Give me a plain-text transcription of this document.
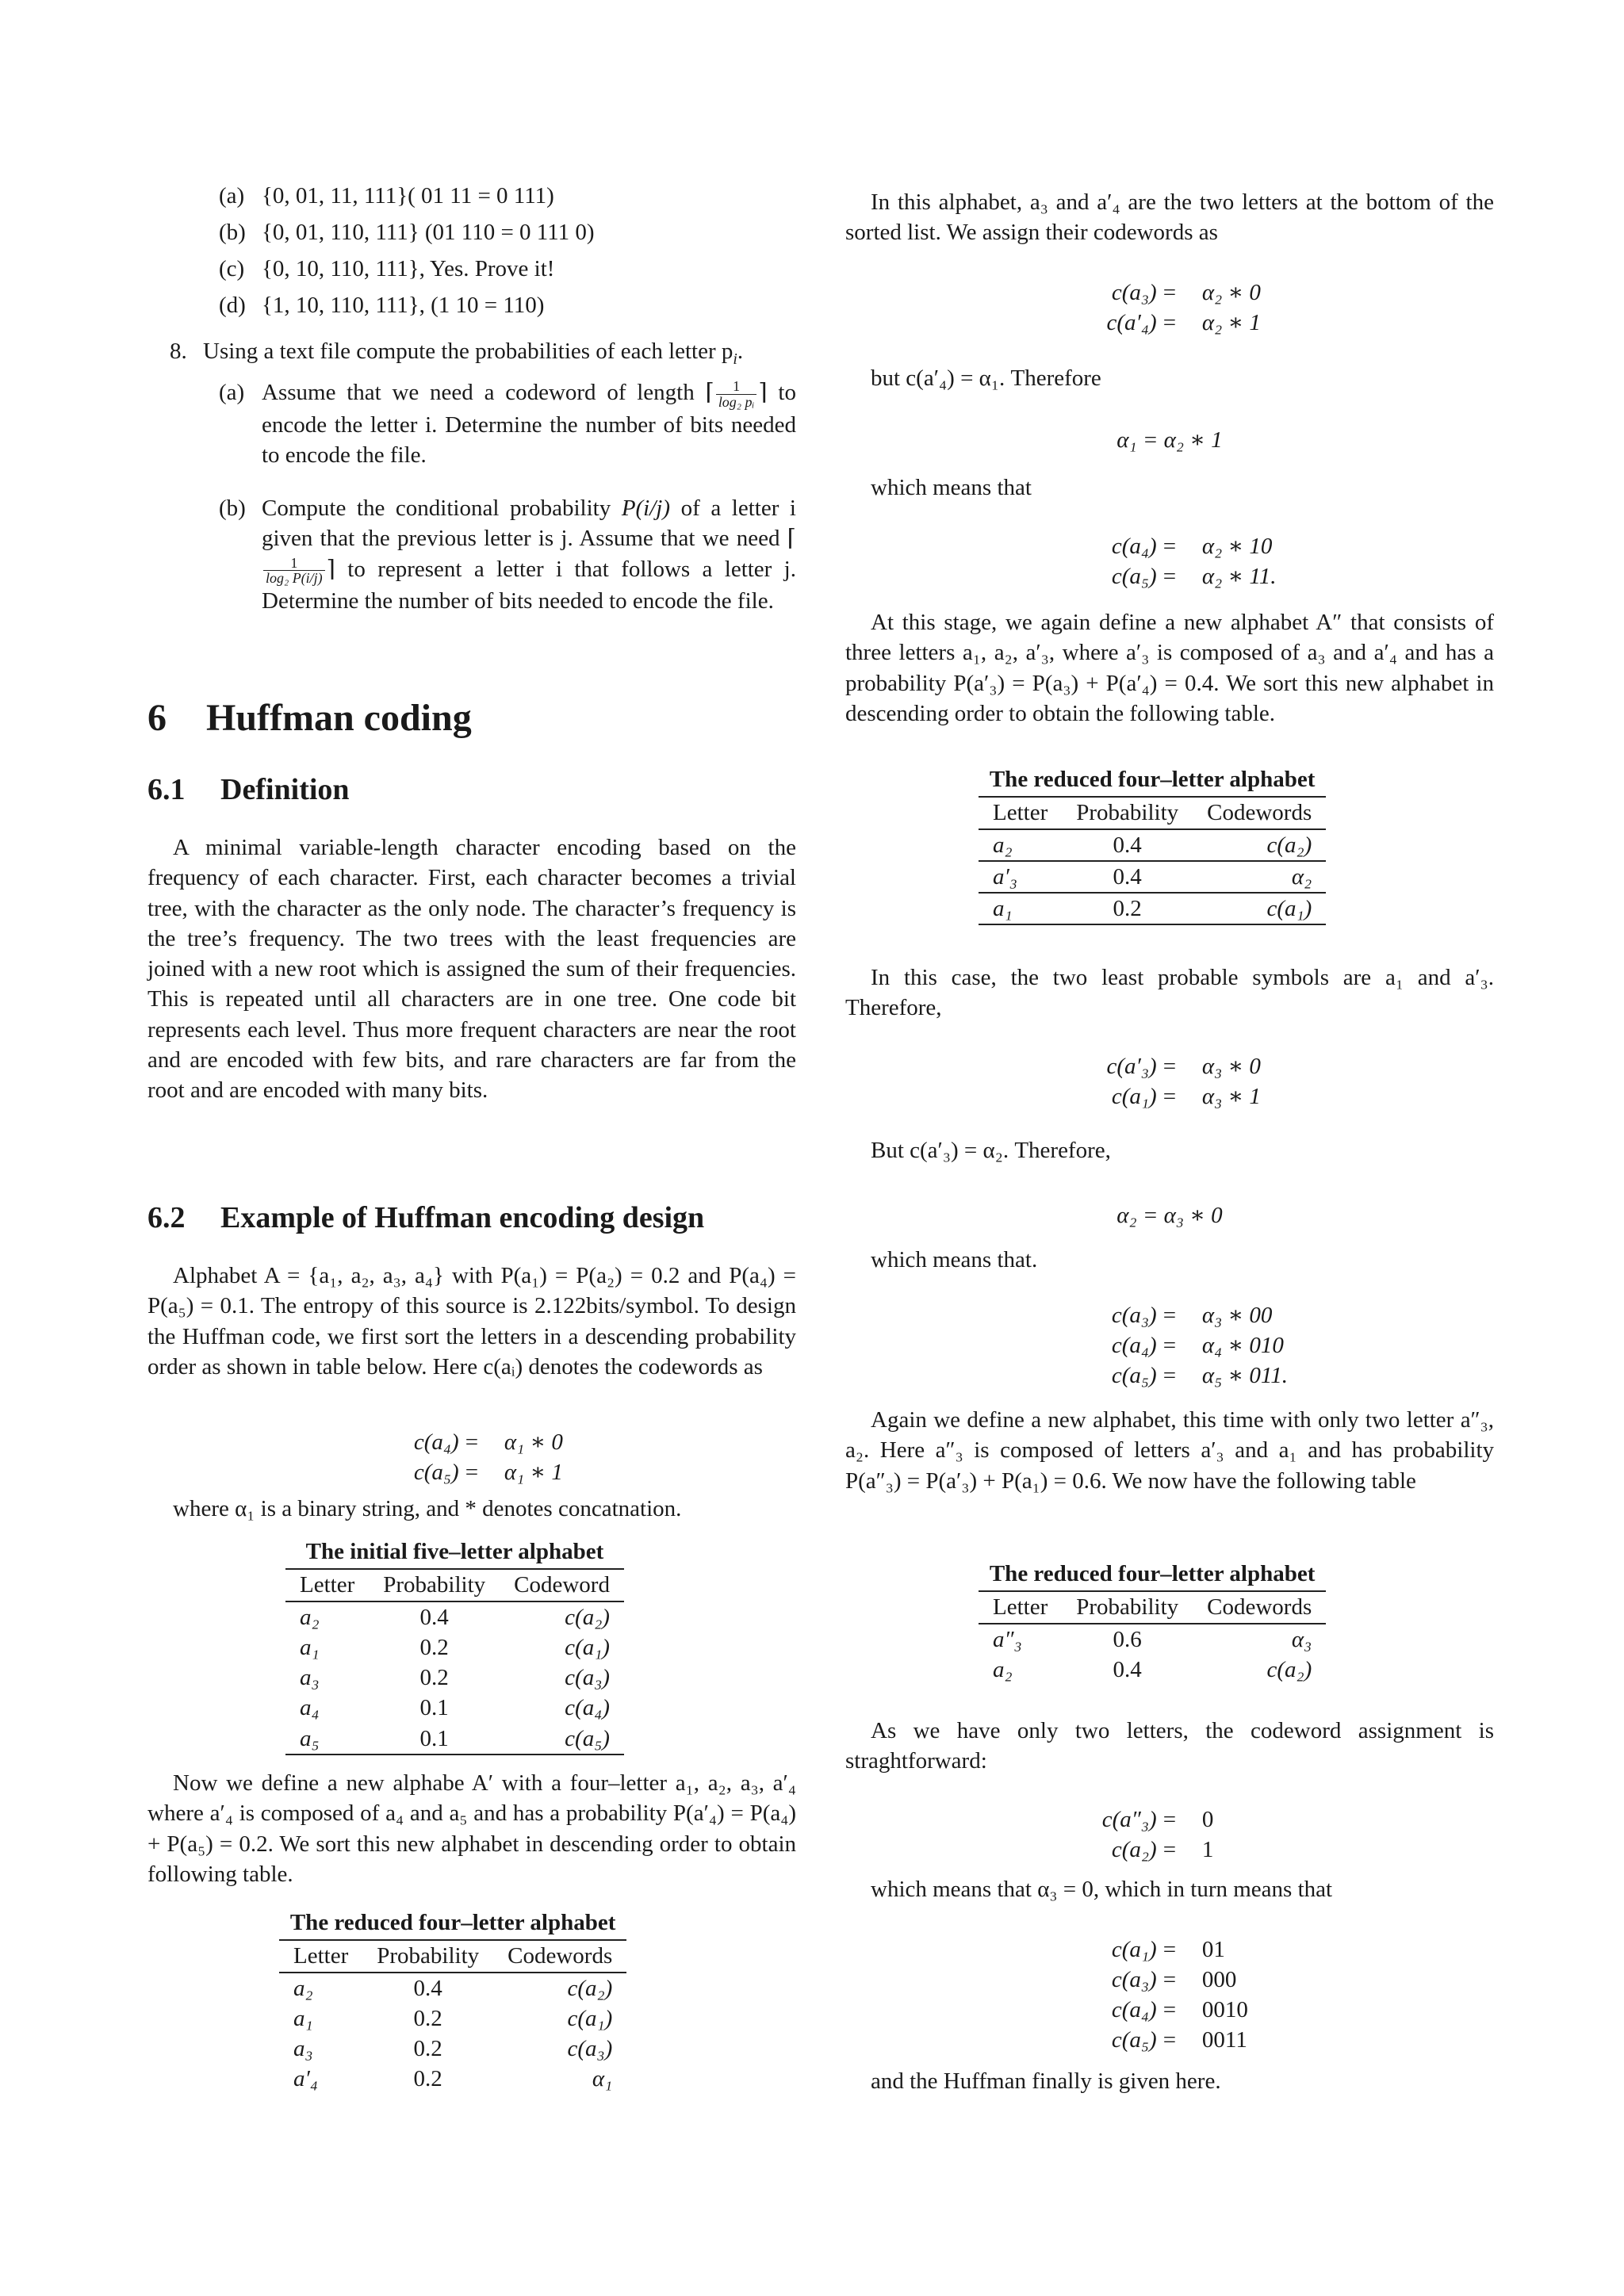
(a) {0, 01, 11, 111}( 01 11 = 0 111)
(b) {0, 01, 110, 111} (01 110 = 0 111 0)
(c) {0, 10, 110, 111}, Yes. Prove it!
(d) {1, 10, 110, 111}, (1 10 = 110)
8. Using a text file compute the probabilities of each letter $p_i$.
(a) Assume that we need a codeword of length ⌈ $\frac{1}{\text{log₂ pᵢ}}$ ⌉ to encode the letter i. Determine the number of bits needed to encode the file.
(b) Compute the conditional probability P(i/j) of a letter i given that the previous letter is j. Assume that we need ⌈
$\frac{1}{\text{log₂ P(i/j)}}$ ⌉ to represent a letter i that follows a letter j. Determine the number of bits needed to encode the file.
6 Huffman coding
6.1 Definition
A minimal variable-length character encoding based on the frequency of each character. First, each character becomes a trivial tree, with the character as the only node. The character’s frequency is the tree’s frequency. The two trees with the least frequencies are joined with a new root which is assigned the sum of their frequencies. This is repeated until all characters are in one tree. One code bit represents each level. Thus more frequent characters are near the root and are encoded with few bits, and rare characters are far from the root and are encoded with many bits.
6.2 Example of Huffman encoding design
Alphabet A = {a₁, a₂, a₃, a₄} with P(a₁) = P(a₂) = 0.2 and P(a₄) = P(a₅) = 0.1. The entropy of this source is 2.122bits/symbol. To design the Huffman code, we first sort the letters in a descending probability order as shown in table below. Here c(aᵢ) denotes the codewords as
c(a₄) = α₁ ∗ 0
c(a₅) = α₁ ∗ 1
where α₁ is a binary string, and * denotes concatnation.
The initial five–letter alphabet
Letter	Probability	Codeword
a₂	0.4	c(a₂)
a₁	0.2	c(a₁)
a₃	0.2	c(a₃)
a₄	0.1	c(a₄)
a₅	0.1	c(a₅)
Now we define a new alphabe A′ with a four–letter a₁, a₂, a₃, a′₄ where a′₄ is composed of a₄ and a₅ and has a probability P(a′₄) = P(a₄) + P(a₅) = 0.2. We sort this new alphabet in descending order to obtain following table.
The reduced four–letter alphabet
Letter	Probability	Codewords
a₂	0.4	c(a₂)
a₁	0.2	c(a₁)
a₃	0.2	c(a₃)
a′₄	0.2	α₁
In this alphabet, a₃ and a′₄ are the two letters at the bottom of the sorted list. We assign their codewords as
c(a₃) = α₂ ∗ 0
c(a′₄) = α₂ ∗ 1
but c(a′₄) = α₁. Therefore
α₁ = α₂ ∗ 1
which means that
c(a₄) = α₂ ∗ 10
c(a₅) = α₂ ∗ 11.
At this stage, we again define a new alphabet A″ that consists of three letters a₁, a₂, a′₃, where a′₃ is composed of a₃ and a′₄ and has a probability P(a′₃) = P(a₃) + P(a′₄) = 0.4. We sort this new alphabet in descending order to obtain the following table.
The reduced four–letter alphabet
Letter	Probability	Codewords
a₂	0.4	c(a₂)
a′₃	0.4	α₂
a₁	0.2	c(a₁)
In this case, the two least probable symbols are a₁ and a′₃. Therefore,
c(a′₃) = α₃ ∗ 0
c(a₁) = α₃ ∗ 1
But c(a′₃) = α₂. Therefore,
α₂ = α₃ ∗ 0
which means that.
c(a₃) = α₃ ∗ 00
c(a₄) = α₄ ∗ 010
c(a₅) = α₅ ∗ 011.
Again we define a new alphabet, this time with only two letter a″₃, a₂. Here a″₃ is composed of letters a′₃ and a₁ and has probability P(a″₃) = P(a′₃) + P(a₁) = 0.6. We now have the following table
The reduced four–letter alphabet
Letter	Probability	Codewords
a″₃	0.6	α₃
a₂	0.4	c(a₂)
As we have only two letters, the codeword assignment is straghtforward:
c(a″₃) = 0
c(a₂) = 1
which means that α₃ = 0, which in turn means that
c(a₁) = 01
c(a₃) = 000
c(a₄) = 0010
c(a₅) = 0011
and the Huffman finally is given here.
